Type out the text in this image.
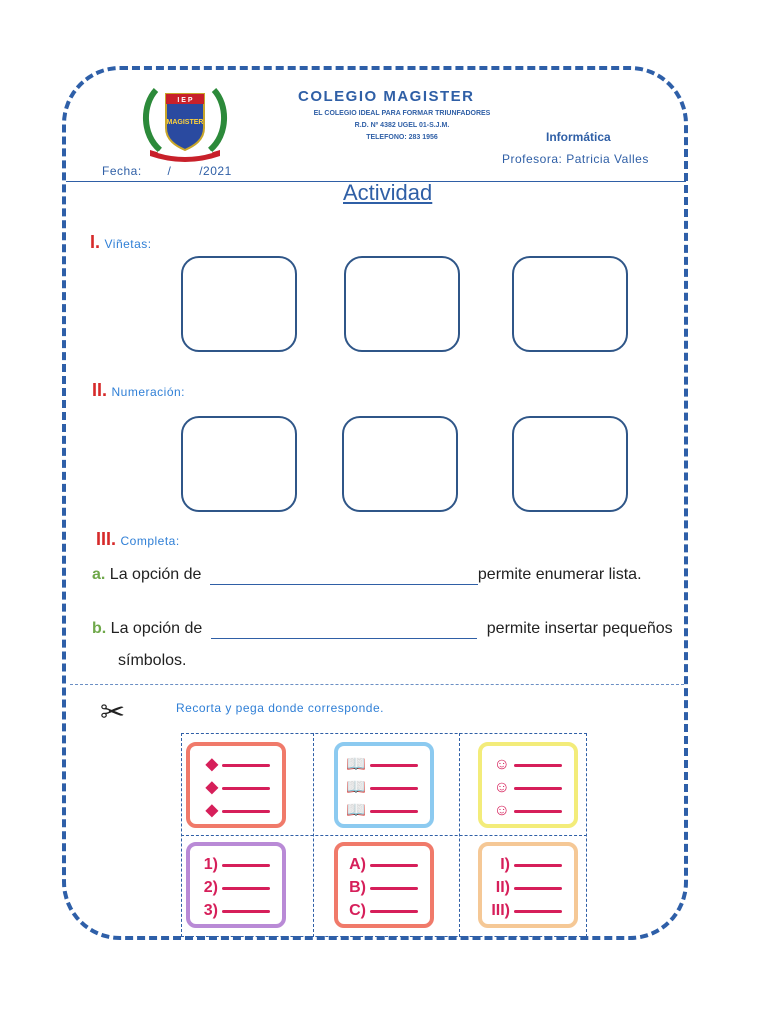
I E P
MAGISTER
COLEGIO MAGISTER
EL COLEGIO IDEAL PARA FORMAR TRIUNFADORES
R.D. Nº 4382 UGEL 01-S.J.M.
TELEFONO: 283 1956	Informática
Profesora: Patricia Valles
Fecha: / /2021
Actividad
I. Viñetas:
II. Numeración:
III. Completa:
a. La opción de	permite enumerar lista.
b. La opción de	permite insertar pequeños
símbolos.
✂	Recorta y pega donde corresponde.
◆
◆
◆
📖
📖
📖
☺
☺
☺
1)
2)
3)
A)
B)
C)
I)
II)
III)
